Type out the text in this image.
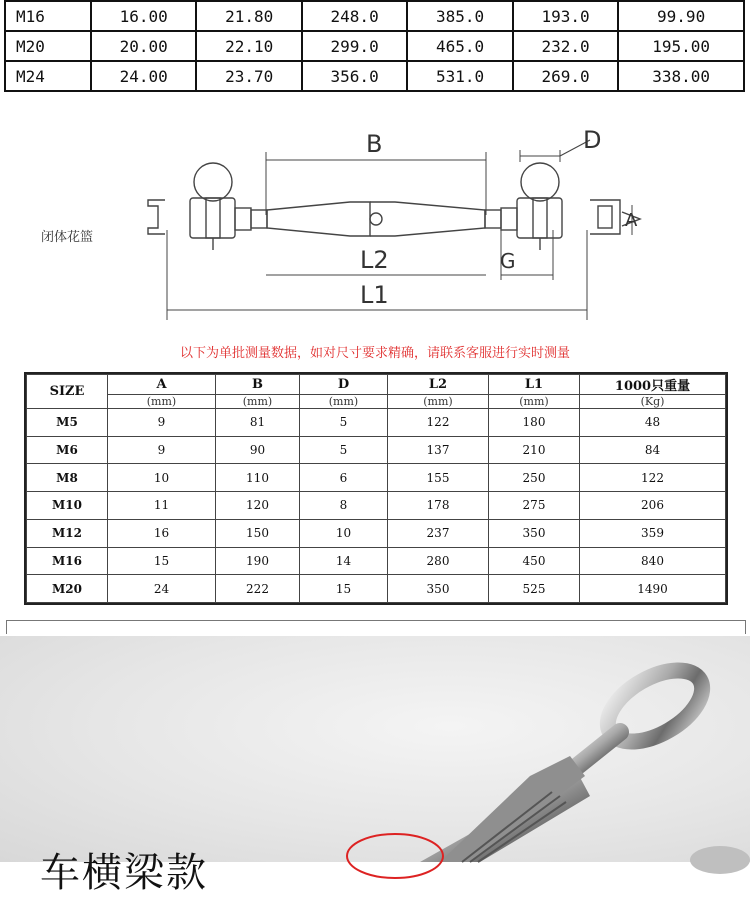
M16	16.00	21.80	248.0	385.0	193.0	99.90
M20	20.00	22.10	299.0	465.0	232.0	195.00
M24	24.00	23.70	356.0	531.0	269.0	338.00
B	D
A
L2	G
L1
闭体花篮
以下为单批测量数据，如对尺寸要求精确，请联系客服进行实时测量
SIZE	A	B	D	L2	L1	1000只重量
	(mm)	(mm)	(mm)	(mm)	(mm)	(Kg)
M5	9	81	5	122	180	48
M6	9	90	5	137	210	84
M8	10	110	6	155	250	122
M10	11	120	8	178	275	206
M12	16	150	10	237	350	359
M16	15	190	14	280	450	840
M20	24	222	15	350	525	1490
车横梁款
